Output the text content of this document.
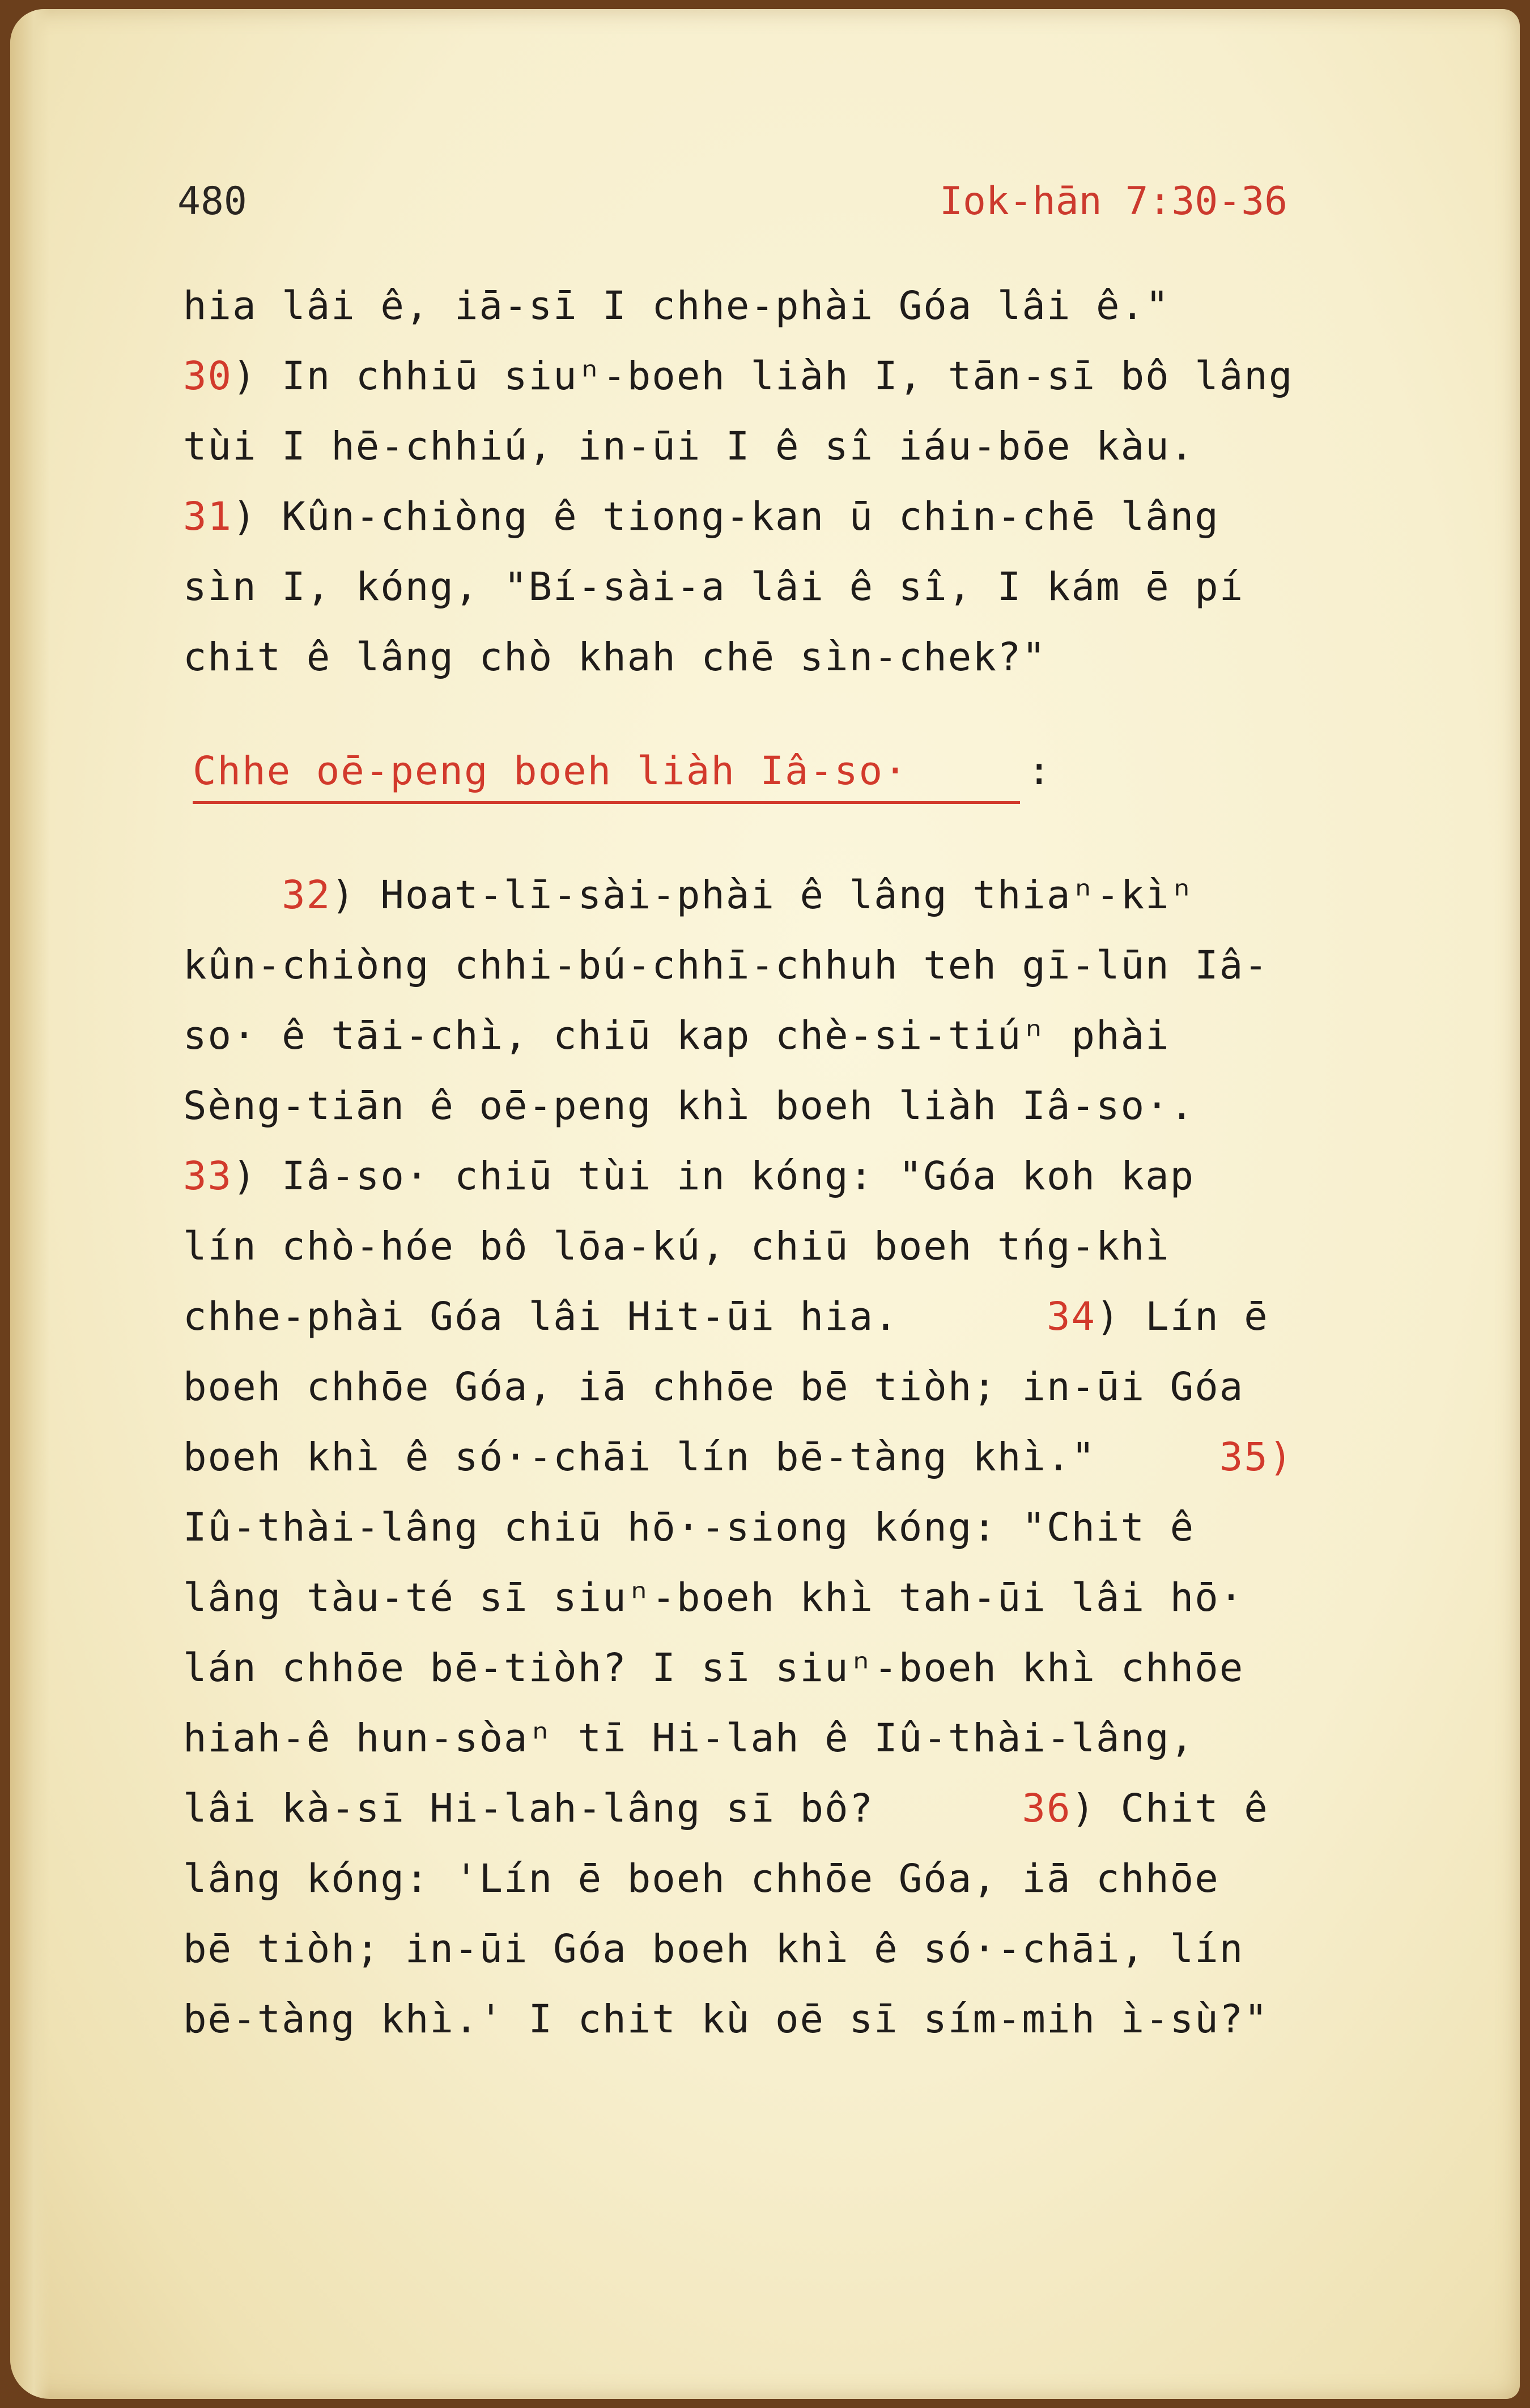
480	Iok-hān 7:30-36
hia lâi ê, iā-sī I chhe-phài Góa lâi ê."
30) In chhiū siuⁿ-boeh liàh I, tān-sī bô lâng
tùi I hē-chhiú, in-ūi I ê sî iáu-bōe kàu.
31) Kûn-chiòng ê tiong-kan ū chin-chē lâng
sìn I, kóng, "Bí-sài-a lâi ê sî, I kám ē pí
chit ê lâng chò khah chē sìn-chek?"
Chhe oē-peng boeh liàh Iâ-so·	:
32) Hoat-lī-sài-phài ê lâng thiaⁿ-kìⁿ
kûn-chiòng chhi-bú-chhī-chhuh teh gī-lūn Iâ-
so· ê tāi-chì, chiū kap chè-si-tiúⁿ phài
Sèng-tiān ê oē-peng khì boeh liàh Iâ-so·.
33) Iâ-so· chiū tùi in kóng: "Góa koh kap
lín chò-hóe bô lōa-kú, chiū boeh tńg-khì
chhe-phài Góa lâi Hit-ūi hia.      34) Lín ē
boeh chhōe Góa, iā chhōe bē tiòh; in-ūi Góa
boeh khì ê só·-chāi lín bē-tàng khì."	35)
Iû-thài-lâng chiū hō·-siong kóng: "Chit ê
lâng tàu-té sī siuⁿ-boeh khì tah-ūi lâi hō·
lán chhōe bē-tiòh? I sī siuⁿ-boeh khì chhōe
hiah-ê hun-sòaⁿ tī Hi-lah ê Iû-thài-lâng,
lâi kà-sī Hi-lah-lâng sī bô?      36) Chit ê
lâng kóng: 'Lín ē boeh chhōe Góa, iā chhōe
bē tiòh; in-ūi Góa boeh khì ê só·-chāi, lín
bē-tàng khì.' I chit kù oē sī sím-mih ì-sù?"
